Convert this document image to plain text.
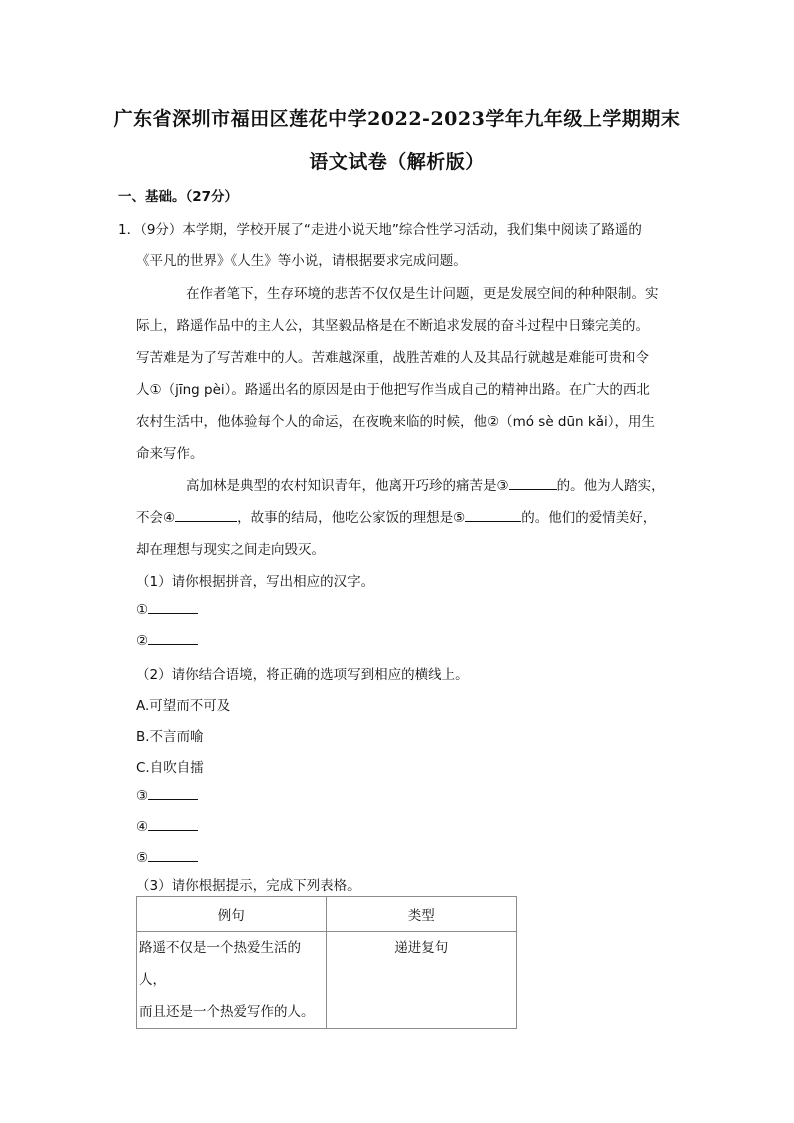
广东省深圳市福田区莲花中学2022-2023学年九年级上学期期末
语文试卷（解析版）
一、基础。（27分）
1．（9分）本学期，学校开展了“走进小说天地”综合性学习活动，我们集中阅读了路遥的
《平凡的世界》《人生》等小说，请根据要求完成问题。
在作者笔下，生存环境的悲苦不仅仅是生计问题，更是发展空间的种种限制。实
际上，路遥作品中的主人公，其坚毅品格是在不断追求发展的奋斗过程中日臻完美的。
写苦难是为了写苦难中的人。苦难越深重，战胜苦难的人及其品行就越是难能可贵和令
人①（jīng pèi）。路遥出名的原因是由于他把写作当成自己的精神出路。在广大的西北
农村生活中，他体验每个人的命运，在夜晚来临的时候，他②（mó sè dūn kǎi），用生
命来写作。
高加林是典型的农村知识青年，他离开巧珍的痛苦是③	的。他为人踏实，
不会④	，故事的结局，他吃公家饭的理想是⑤	的。他们的爱情美好，
却在理想与现实之间走向毁灭。
（1）请你根据拼音，写出相应的汉字。
①
②
（2）请你结合语境，将正确的选项写到相应的横线上。
A.可望而不可及
B.不言而喻
C.自吹自擂
③
④
⑤
（3）请你根据提示，完成下列表格。
例句	类型

路遥不仅是一个热爱生活的人，
而且还是一个热爱写作的人。	递进复句
